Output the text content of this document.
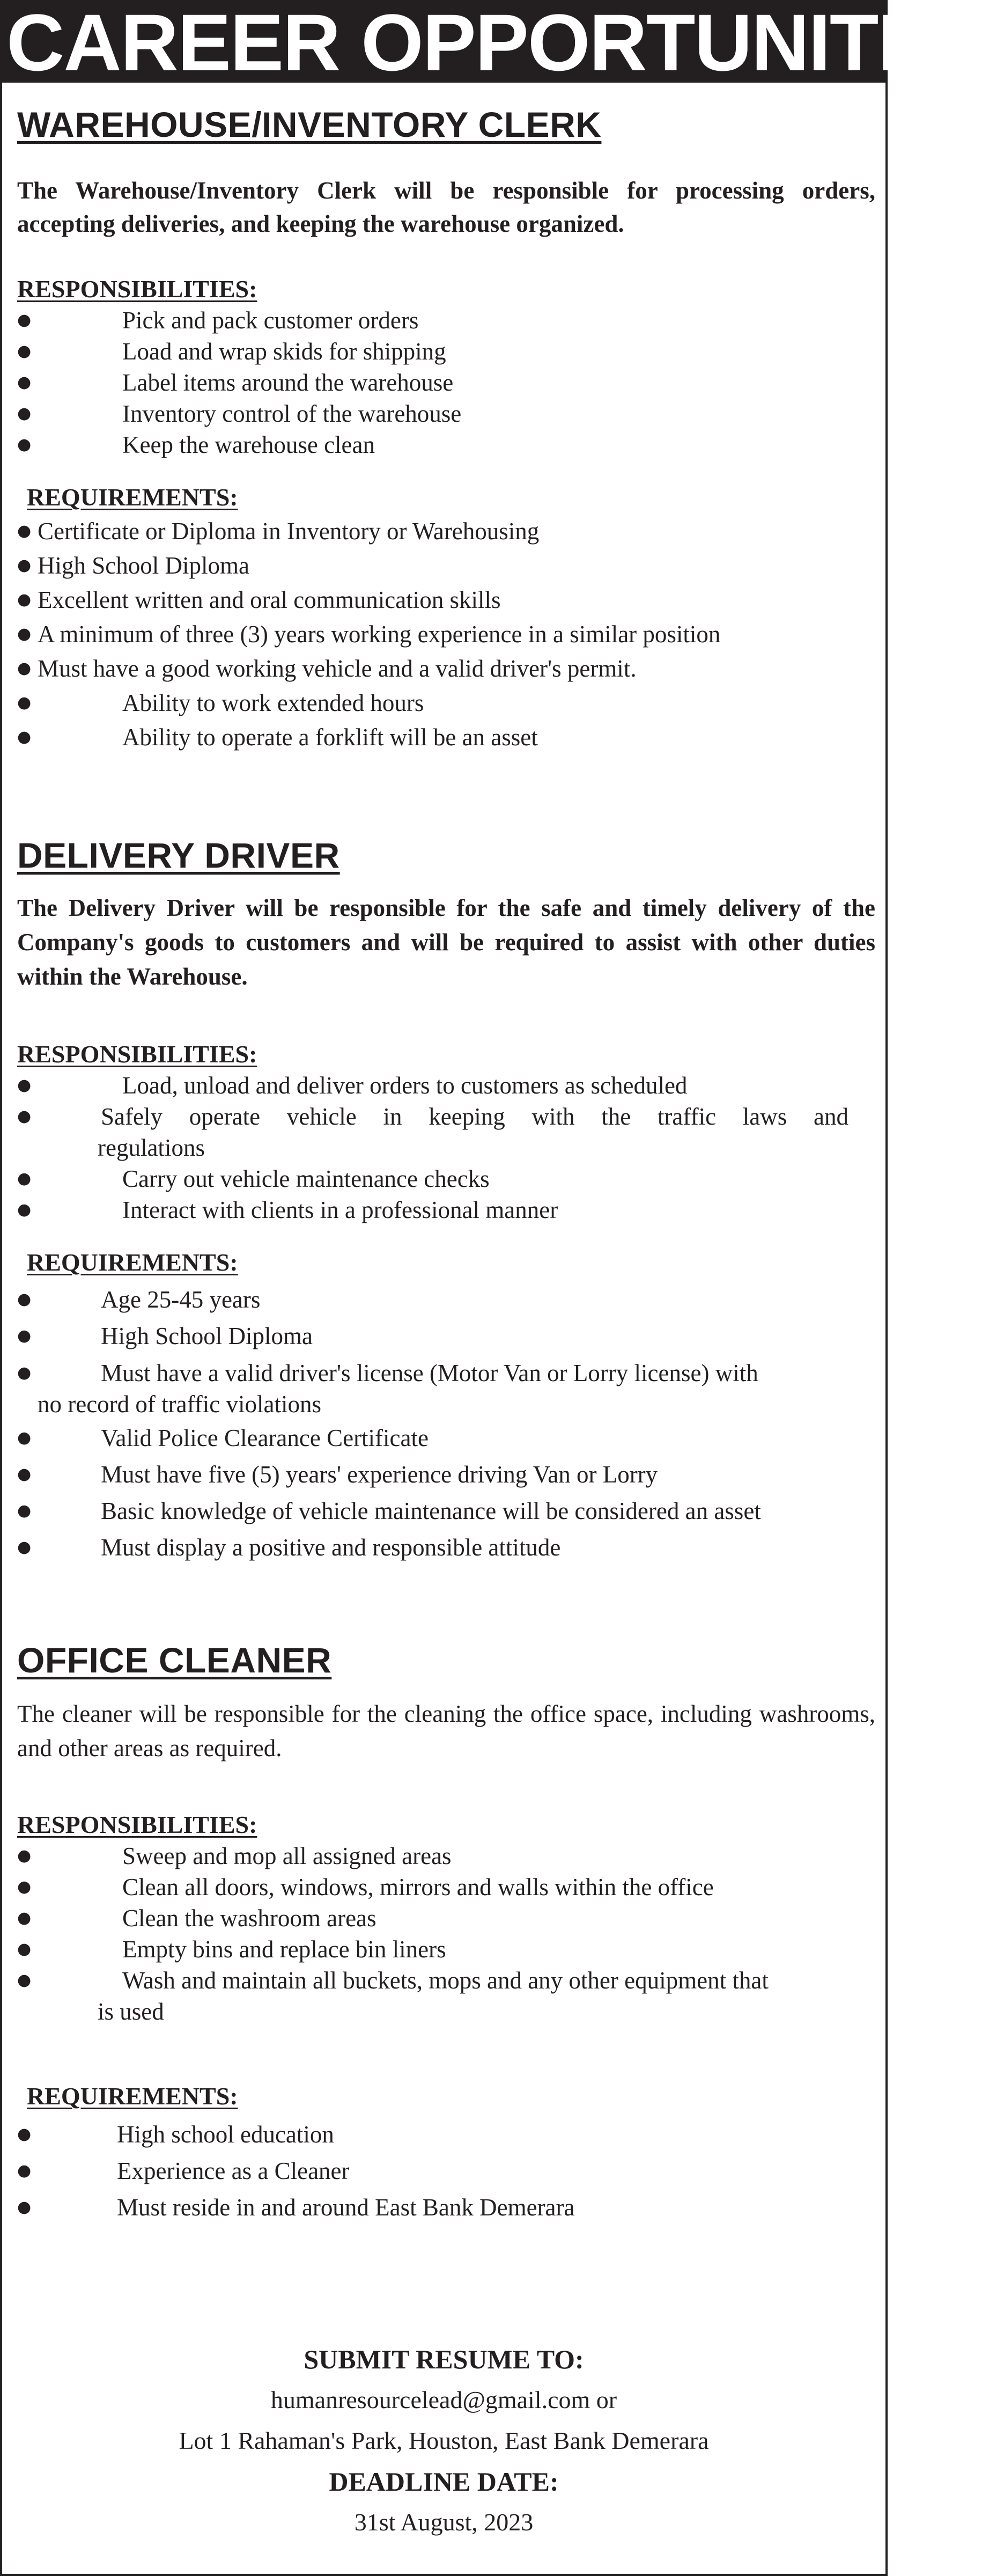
CAREER OPPORTUNITIES
WAREHOUSE/INVENTORY CLERK
The Warehouse/Inventory Clerk will be responsible for processing orders, accepting deliveries, and keeping the warehouse organized.
RESPONSIBILITIES:
●	Pick and pack customer orders
●	Load and wrap skids for shipping
●	Label items around the warehouse
●	Inventory control of the warehouse
●	Keep the warehouse clean
REQUIREMENTS:
● Certificate or Diploma in Inventory or Warehousing
● High School Diploma
● Excellent written and oral communication skills
● A minimum of three (3) years working experience in a similar position
● Must have a good working vehicle and a valid driver's permit.
●	Ability to work extended hours
●	Ability to operate a forklift will be an asset
DELIVERY DRIVER
The Delivery Driver will be responsible for the safe and timely delivery of the Company's goods to customers and will be required to assist with other duties within the Warehouse.
RESPONSIBILITIES:
●	Load, unload and deliver orders to customers as scheduled
●	Safely operate vehicle in keeping with the traffic laws and
regulations
●	Carry out vehicle maintenance checks
●	Interact with clients in a professional manner
REQUIREMENTS:
●	Age 25-45 years
●	High School Diploma
●	Must have a valid driver's license (Motor Van or Lorry license) with
no record of traffic violations
●	Valid Police Clearance Certificate
●	Must have five (5) years' experience driving Van or Lorry
●	Basic knowledge of vehicle maintenance will be considered an asset
●	Must display a positive and responsible attitude
OFFICE CLEANER
The cleaner will be responsible for the cleaning the office space, including washrooms, and other areas as required.
RESPONSIBILITIES:
●	Sweep and mop all assigned areas
●	Clean all doors, windows, mirrors and walls within the office
●	Clean the washroom areas
●	Empty bins and replace bin liners
●	Wash and maintain all buckets, mops and any other equipment that
is used
REQUIREMENTS:
●	High school education
●	Experience as a Cleaner
●	Must reside in and around East Bank Demerara
SUBMIT RESUME TO:
humanresourcelead@gmail.com or
Lot 1 Rahaman's Park, Houston, East Bank Demerara
DEADLINE DATE:
31st August, 2023
